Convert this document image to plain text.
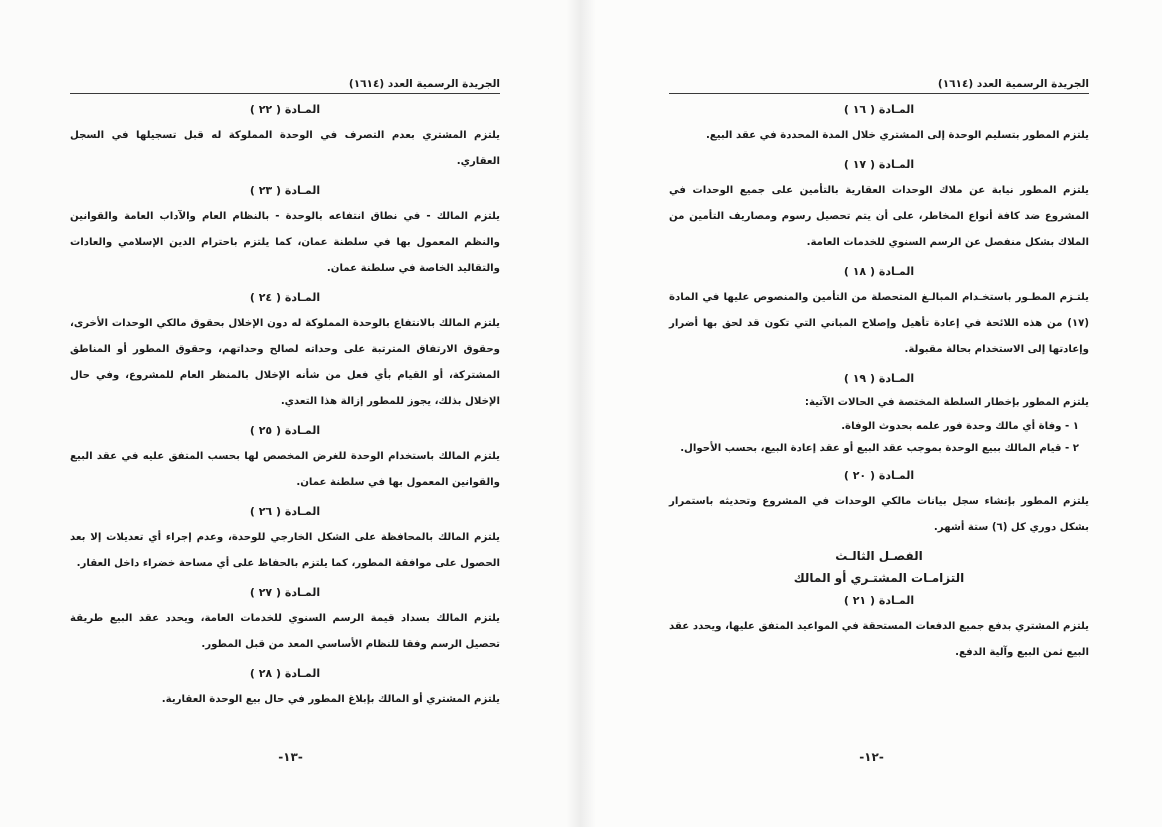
الجريدة الرسمية العدد (١٦١٤)
المـادة ( ٢٢ )

يلتزم المشتري بعدم التصرف في الوحدة المملوكة له قبل تسجيلها في السجل العقاري.

المـادة ( ٢٣ )

يلتزم المالك - في نطاق انتفاعه بالوحدة - بالنظام العام والآداب العامة والقوانين والنظم المعمول بها في سلطنة عمان، كما يلتزم باحترام الدين الإسلامي والعادات والتقاليد الخاصة في سلطنة عمان.

المـادة ( ٢٤ )

يلتزم المالك بالانتفاع بالوحدة المملوكة له دون الإخلال بحقوق مالكي الوحدات الأخرى، وحقوق الارتفاق المترتبة على وحداته لصالح وحداتهم، وحقوق المطور أو المناطق المشتركة، أو القيام بأي فعل من شأنه الإخلال بالمنظر العام للمشروع، وفي حال الإخلال بذلك، يجوز للمطور إزالة هذا التعدي.

المـادة ( ٢٥ )

يلتزم المالك باستخدام الوحدة للغرض المخصص لها بحسب المتفق عليه في عقد البيع والقوانين المعمول بها في سلطنة عمان.

المـادة ( ٢٦ )

يلتزم المالك بالمحافظة على الشكل الخارجي للوحدة، وعدم إجراء أي تعديلات إلا بعد الحصول على موافقة المطور، كما يلتزم بالحفاظ على أي مساحة خضراء داخل العقار.

المـادة ( ٢٧ )

يلتزم المالك بسداد قيمة الرسم السنوي للخدمات العامة، ويحدد عقد البيع طريقة تحصيل الرسم وفقا للنظام الأساسي المعد من قبل المطور.

المـادة ( ٢٨ )

يلتزم المشتري أو المالك بإبلاغ المطور في حال بيع الوحدة العقارية.

-١٣-
الجريدة الرسمية العدد (١٦١٤)
المـادة ( ١٦ )

يلتزم المطور بتسليم الوحدة إلى المشتري خلال المدة المحددة في عقد البيع.

المـادة ( ١٧ )

يلتزم المطور نيابة عن ملاك الوحدات العقارية بالتأمين على جميع الوحدات في المشروع ضد كافة أنواع المخاطر، على أن يتم تحصيل رسوم ومصاريف التأمين من الملاك بشكل منفصل عن الرسم السنوي للخدمات العامة.

المـادة ( ١٨ )

يلتـزم المطـور باستخـدام المبالـغ المتحصلة من التأمين والمنصوص عليها في المادة (١٧) من هذه اللائحة في إعادة تأهيل وإصلاح المباني التي تكون قد لحق بها أضرار وإعادتها إلى الاستخدام بحالة مقبولة.

المـادة ( ١٩ )

يلتزم المطور بإخطار السلطة المختصة في الحالات الآتية:

١ - وفاة أي مالك وحدة فور علمه بحدوث الوفاة.
٢ - قيام المالك ببيع الوحدة بموجب عقد البيع أو عقد إعادة البيع، بحسب الأحوال.
المـادة ( ٢٠ )

يلتزم المطور بإنشاء سجل بيانات مالكي الوحدات في المشروع وتحديثه باستمرار بشكل دوري كل (٦) ستة أشهر.

الفصـل الثالـث
التزامـات المشتـري أو المالك
المـادة ( ٢١ )

يلتزم المشتري بدفع جميع الدفعات المستحقة في المواعيد المتفق عليها، ويحدد عقد البيع ثمن البيع وآلية الدفع.

-١٢-
